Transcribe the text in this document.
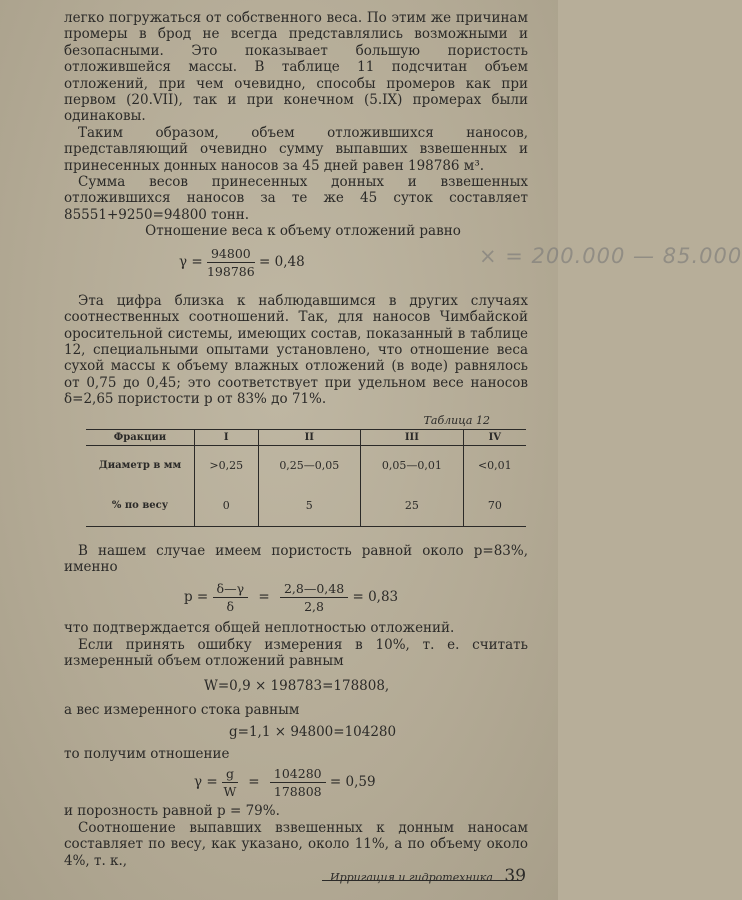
легко погружаться от собственного веса. По этим же причинам промеры в брод не всегда представлялись возможными и безопасными. Это показывает большую пористость отложившейся массы. В таблице 11 подсчитан объем отложений, при чем очевидно, способы промеров как при первом (20.VII), так и при конечном (5.IX) промерах были одинаковы.

Таким образом, объем отложившихся наносов, представляющий очевидно сумму выпавших взвешенных и принесенных донных наносов за 45 дней равен 198786 м³.

Сумма весов принесенных донных и взвешенных отложившихся наносов за те же 45 суток составляет 85551+9250=94800 тонн.

Отношение веса к объему отложений равно

$\gamma = \frac{94800}{198786} = 0,48$	× = 200.000 — 85.000

Эта цифра близка к наблюдавшимся в других случаях соотнественных соотношений. Так, для наносов Чимбайской оросительной системы, имеющих состав, показанный в таблице 12, специальными опытами установлено, что отношение веса сухой массы к объему влажных отложений (в воде) равнялось от 0,75 до 0,45; это соответствует при удельном весе наносов δ=2,65 пористости p от 83% до 71%.

Таблица 12
Фракции	I	II	III	IV
Диаметр в мм	>0,25	0,25—0,05	0,05—0,01	<0,01
% по весу	0	5	25	70

В нашем случае имеем пористость равной около p=83%, именно

$p = \frac{\delta—\gamma}{\delta} = \frac{2,8—0,48}{2,8} = 0,83$

что подтверждается общей неплотностью отложений.

Если принять ошибку измерения в 10%, т. е. считать измеренный объем отложений равным

W=0,9 × 198783=178808,

а вес измеренного стока равным

g=1,1 × 94800=104280

то получим отношение

$\gamma = \frac{g}{W} = \frac{104280}{178808} = 0,59$

и порозность равной p = 79%.

Соотношение выпавших взвешенных к донным наносам составляет по весу, как указано, около 11%, а по объему около 4%, т. к.,

Ирригация и гидротехника 39
